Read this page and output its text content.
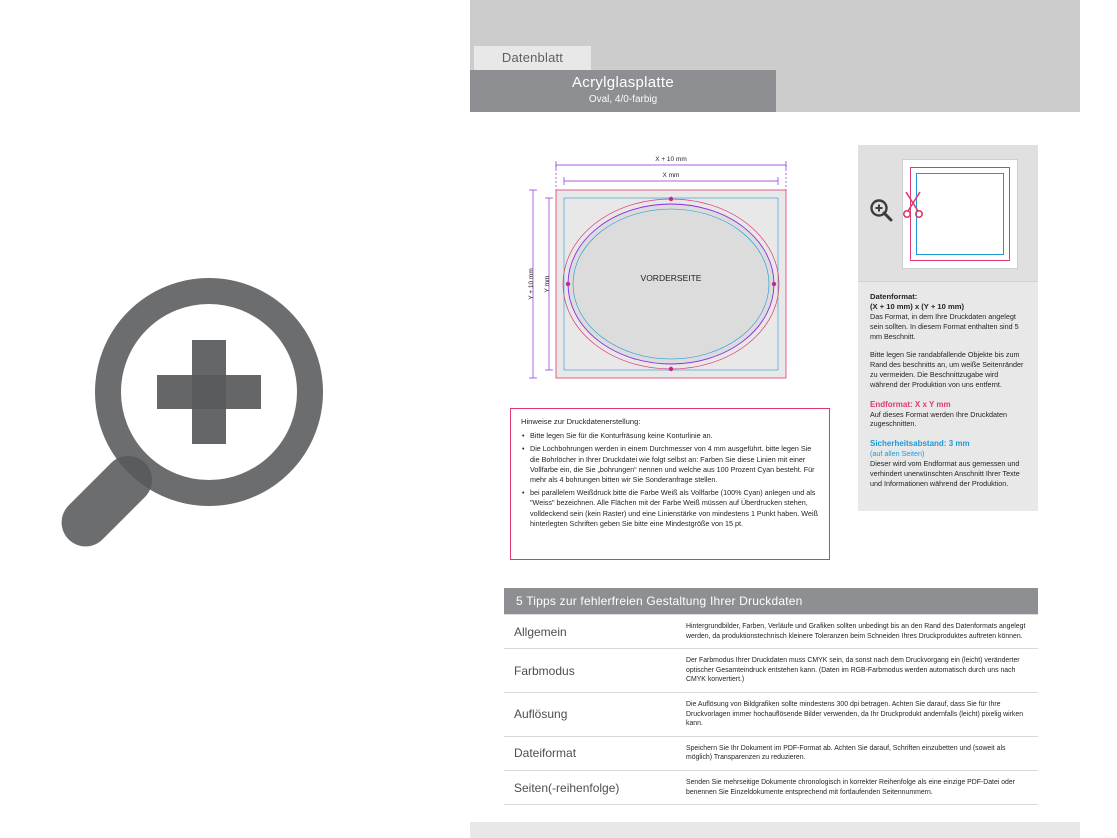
Datenblatt
Acrylglasplatte
Oval, 4/0-farbig
X + 10 mm
X mm
Y + 10 mm Y mm	VORDERSEITE
Hinweise zur Druckdatenerstellung:
• Bitte legen Sie für die Konturfräsung keine Konturlinie an.
• Die Lochbohrungen werden in einem Durchmesser von 4 mm ausgeführt. bitte legen Sie die Bohrlöcher in Ihrer Druckdatei wie folgt selbst an: Farben Sie diese Linien mit einer Vollfarbe ein, die Sie „bohrungen“ nennen und welche aus 100 Prozent Cyan besteht. Für mehr als 4 bohrungen bitten wir Sie Sonderanfrage stellen.
• bei parallelem Weißdruck bitte die Farbe Weiß als Vollfarbe (100% Cyan) anlegen und als "Weiss" bezeichnen. Alle Flächen mit der Farbe Weiß müssen auf Überdrucken stehen, volldeckend sein (kein Raster) und eine Linienstärke von mindestens 1 Punkt haben. Weiß hinterlegten Schriften geben Sie bitte eine Mindestgröße von 15 pt.
Datenformat:
(X + 10 mm) x (Y + 10 mm)
Das Format, in dem Ihre Druckdaten angelegt sein sollten. In diesem Format enthalten sind 5 mm Beschnitt.
Bitte legen Sie randabfallende Objekte bis zum Rand des beschnitts an, um weiße Seitenränder zu vermeiden. Die Beschnittzugabe wird während der Produktion von uns entfernt.
Endformat: X x Y mm
Auf dieses Format werden Ihre Druckdaten zugeschnitten.
Sicherheitsabstand: 3 mm
(auf allen Seiten)
Dieser wird vom Endformat aus gemessen und verhindert unerwünschten Anschnitt Ihrer Texte und Informationen während der Produktion.
5 Tipps zur fehlerfreien Gestaltung Ihrer Druckdaten
Allgemein	Hintergrundbilder, Farben, Verläufe und Grafiken sollten unbedingt bis an den Rand des Datenformats angelegt werden, da produktionstechnisch kleinere Toleranzen beim Schneiden Ihres Druckproduktes auftreten können.
Farbmodus	Der Farbmodus Ihrer Druckdaten muss CMYK sein, da sonst nach dem Druckvorgang ein (leicht) veränderter optischer Gesamteindruck entstehen kann. (Daten im RGB-Farbmodus werden automatisch durch uns nach CMYK konvertiert.)
Auflösung	Die Auflösung von Bildgrafiken sollte mindestens 300 dpi betragen. Achten Sie darauf, dass Sie für Ihre Druckvorlagen immer hochauflösende Bilder verwenden, da Ihr Druckprodukt andernfalls (leicht) pixelig wirken kann.
Dateiformat	Speichern Sie Ihr Dokument im PDF-Format ab. Achten Sie darauf, Schriften einzubetten und (soweit als möglich) Transparenzen zu reduzieren.
Seiten(-reihenfolge)	Senden Sie mehrseitige Dokumente chronologisch in korrekter Reihenfolge als eine einzige PDF-Datei oder benennen Sie Einzeldokumente entsprechend mit fortlaufenden Seitennummern.
